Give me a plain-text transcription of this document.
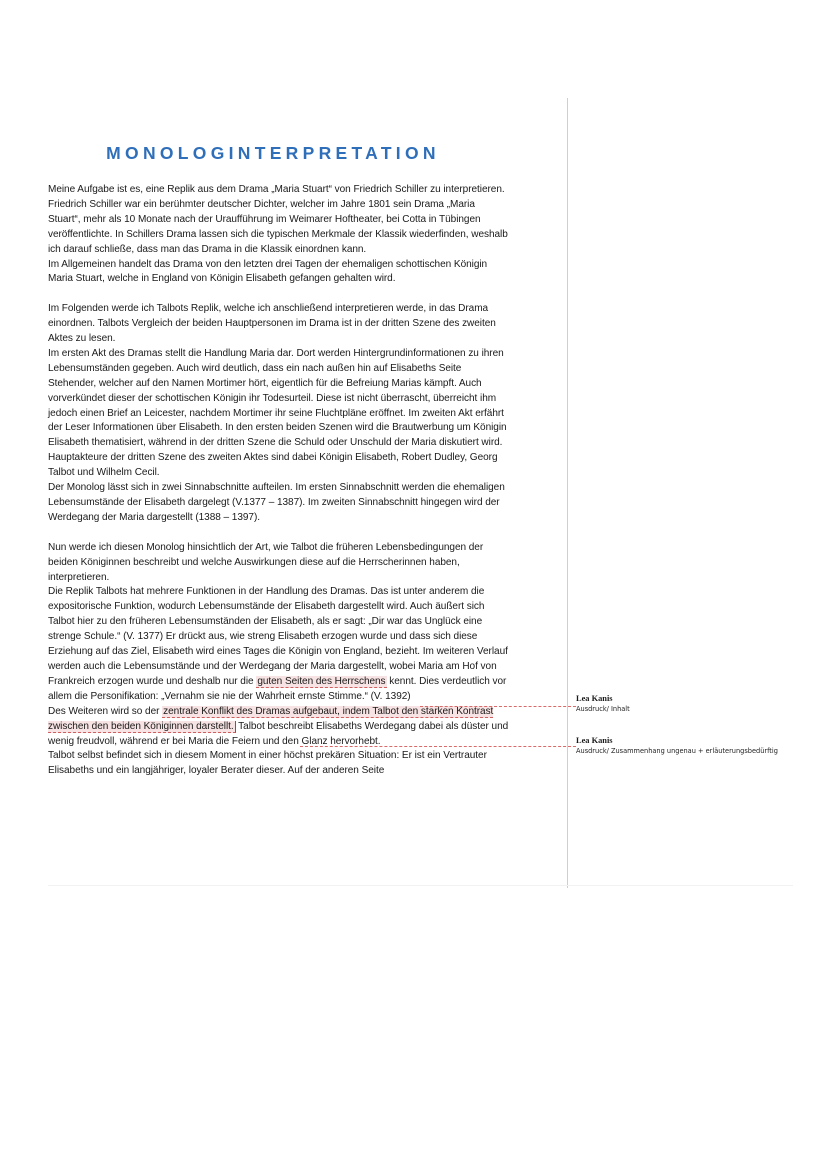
MONOLOGINTERPRETATION

Meine Aufgabe ist es, eine Replik aus dem Drama „Maria Stuart“ von Friedrich Schiller zu interpretieren. Friedrich Schiller war ein berühmter deutscher Dichter, welcher im Jahre 1801 sein Drama „Maria Stuart“, mehr als 10 Monate nach der Uraufführung im Weimarer Hoftheater, bei Cotta in Tübingen veröffentlichte. In Schillers Drama lassen sich die typischen Merkmale der Klassik wiederfinden, weshalb ich darauf schließe, dass man das Drama in die Klassik einordnen kann.

Im Allgemeinen handelt das Drama von den letzten drei Tagen der ehemaligen schottischen Königin Maria Stuart, welche in England von Königin Elisabeth gefangen gehalten wird.

Im Folgenden werde ich Talbots Replik, welche ich anschließend interpretieren werde, in das Drama einordnen. Talbots Vergleich der beiden Hauptpersonen im Drama ist in der dritten Szene des zweiten Aktes zu lesen.

Im ersten Akt des Dramas stellt die Handlung Maria dar. Dort werden Hintergrundinformationen zu ihren Lebensumständen gegeben. Auch wird deutlich, dass ein nach außen hin auf Elisabeths Seite Stehender, welcher auf den Namen Mortimer hört, eigentlich für die Befreiung Marias kämpft. Auch vorverkündet dieser der schottischen Königin ihr Todesurteil. Diese ist nicht überrascht, überreicht ihm jedoch einen Brief an Leicester, nachdem Mortimer ihr seine Fluchtpläne eröffnet. Im zweiten Akt erfährt der Leser Informationen über Elisabeth. In den ersten beiden Szenen wird die Brautwerbung um Königin Elisabeth thematisiert, während in der dritten Szene die Schuld oder Unschuld der Maria diskutiert wird. Hauptakteure der dritten Szene des zweiten Aktes sind dabei Königin Elisabeth, Robert Dudley, Georg Talbot und Wilhelm Cecil.

Der Monolog lässt sich in zwei Sinnabschnitte aufteilen. Im ersten Sinnabschnitt werden die ehemaligen Lebensumstände der Elisabeth dargelegt (V.1377 – 1387). Im zweiten Sinnabschnitt hingegen wird der Werdegang der Maria dargestellt (1388 – 1397).

Nun werde ich diesen Monolog hinsichtlich der Art, wie Talbot die früheren Lebensbedingungen der beiden Königinnen beschreibt und welche Auswirkungen diese auf die Herrscherinnen haben, interpretieren.

Die Replik Talbots hat mehrere Funktionen in der Handlung des Dramas. Das ist unter anderem die expositorische Funktion, wodurch Lebensumstände der Elisabeth dargestellt wird. Auch äußert sich Talbot hier zu den früheren Lebensumständen der Elisabeth, als er sagt: „Dir war das Unglück eine strenge Schule.“ (V. 1377) Er drückt aus, wie streng Elisabeth erzogen wurde und dass sich diese Erziehung auf das Ziel, Elisabeth wird eines Tages die Königin von England, bezieht. Im weiteren Verlauf werden auch die Lebensumstände und der Werdegang der Maria dargestellt, wobei Maria am Hof von Frankreich erzogen wurde und deshalb nur die guten Seiten des Herrschens kennt. Dies verdeutlich vor allem die Personifikation: „Vernahm sie nie der Wahrheit ernste Stimme.“ (V. 1392)

Des Weiteren wird so der zentrale Konflikt des Dramas aufgebaut, indem Talbot den starken Kontrast zwischen den beiden Königinnen darstellt. Talbot beschreibt Elisabeths Werdegang dabei als düster und wenig freudvoll, während er bei Maria die Feiern und den Glanz hervorhebt.

Talbot selbst befindet sich in diesem Moment in einer höchst prekären Situation: Er ist ein Vertrauter Elisabeths und ein langjähriger, loyaler Berater dieser. Auf der anderen Seite

Lea Kanis
Ausdruck/ Inhalt
Lea Kanis
Ausdruck/ Zusammenhang ungenau + erläuterungsbedürftig
